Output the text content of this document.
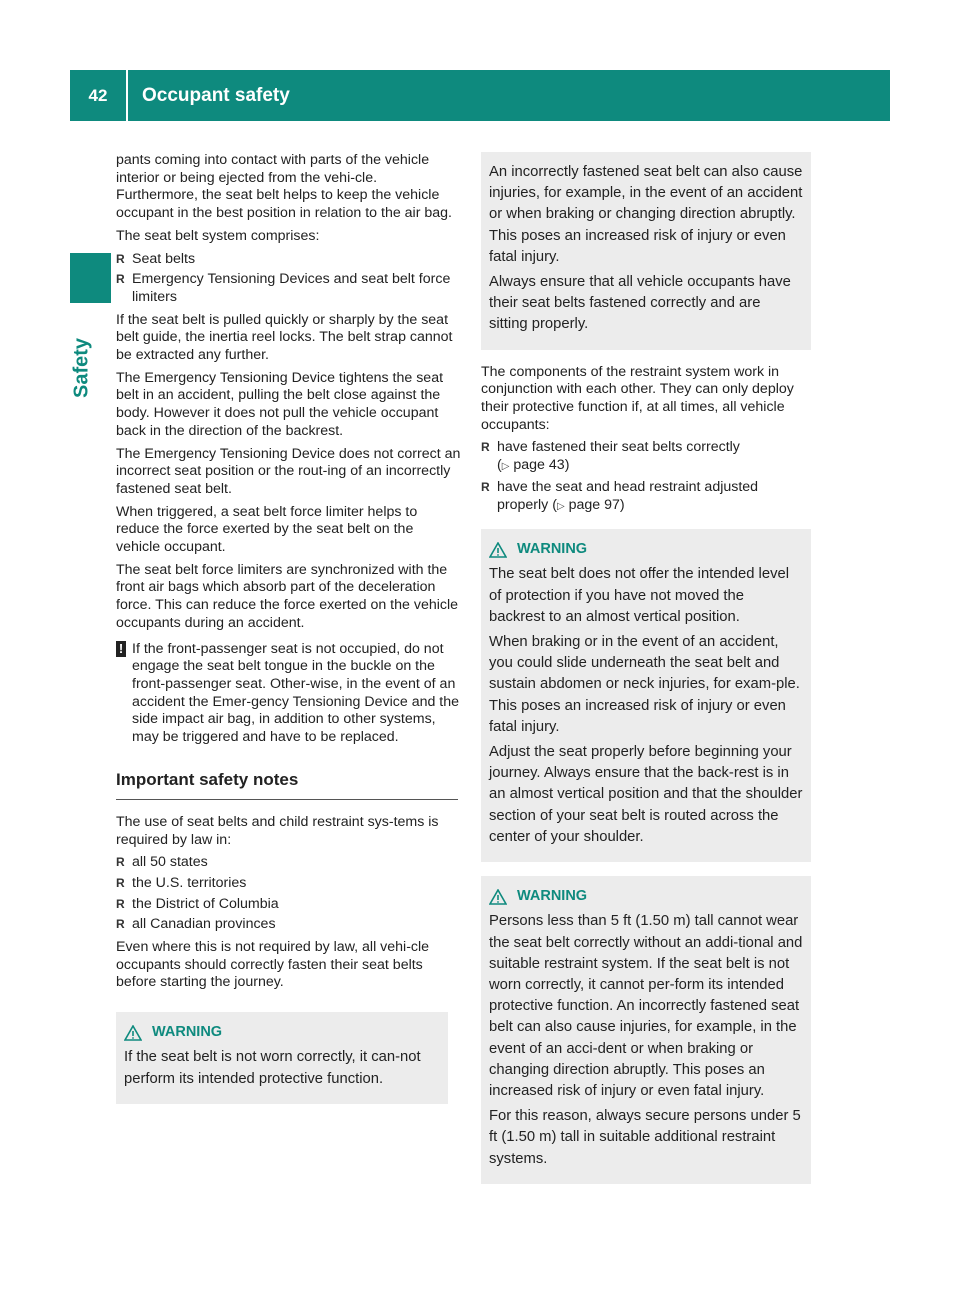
42	Occupant safety
Safety

pants coming into contact with parts of the vehicle interior or being ejected from the vehi-cle. Furthermore, the seat belt helps to keep the vehicle occupant in the best position in relation to the air bag.

The seat belt system comprises:

R Seat belts
R Emergency Tensioning Devices and seat belt force limiters

If the seat belt is pulled quickly or sharply by the seat belt guide, the inertia reel locks. The belt strap cannot be extracted any further.

The Emergency Tensioning Device tightens the seat belt in an accident, pulling the belt close against the body. However it does not pull the vehicle occupant back in the direction of the backrest.

The Emergency Tensioning Device does not correct an incorrect seat position or the rout-ing of an incorrectly fastened seat belt.

When triggered, a seat belt force limiter helps to reduce the force exerted by the seat belt on the vehicle occupant.

The seat belt force limiters are synchronized with the front air bags which absorb part of the deceleration force. This can reduce the force exerted on the vehicle occupants during an accident.

! If the front-passenger seat is not occupied, do not engage the seat belt tongue in the buckle on the front-passenger seat. Other-wise, in the event of an accident the Emer-gency Tensioning Device and the side impact air bag, in addition to other systems, may be triggered and have to be replaced.
Important safety notes

The use of seat belts and child restraint sys-tems is required by law in:

R all 50 states
R the U.S. territories
R the District of Columbia
R all Canadian provinces

Even where this is not required by law, all vehi-cle occupants should correctly fasten their seat belts before starting the journey.

WARNING

If the seat belt is not worn correctly, it can-not perform its intended protective function.

An incorrectly fastened seat belt can also cause injuries, for example, in the event of an accident or when braking or changing direction abruptly. This poses an increased risk of injury or even fatal injury.

Always ensure that all vehicle occupants have their seat belts fastened correctly and are sitting properly.

The components of the restraint system work in conjunction with each other. They can only deploy their protective function if, at all times, all vehicle occupants:

R have fastened their seat belts correctly
(▷ page 43)
R have the seat and head restraint adjusted properly (▷ page 97)
WARNING

The seat belt does not offer the intended level of protection if you have not moved the backrest to an almost vertical position.

When braking or in the event of an accident, you could slide underneath the seat belt and sustain abdomen or neck injuries, for exam-ple. This poses an increased risk of injury or even fatal injury.

Adjust the seat properly before beginning your journey. Always ensure that the back-rest is in an almost vertical position and that the shoulder section of your seat belt is routed across the center of your shoulder.

WARNING

Persons less than 5 ft (1.50 m) tall cannot wear the seat belt correctly without an addi-tional and suitable restraint system. If the seat belt is not worn correctly, it cannot per-form its intended protective function. An incorrectly fastened seat belt can also cause injuries, for example, in the event of an acci-dent or when braking or changing direction abruptly. This poses an increased risk of injury or even fatal injury.

For this reason, always secure persons under 5 ft (1.50 m) tall in suitable additional restraint systems.
